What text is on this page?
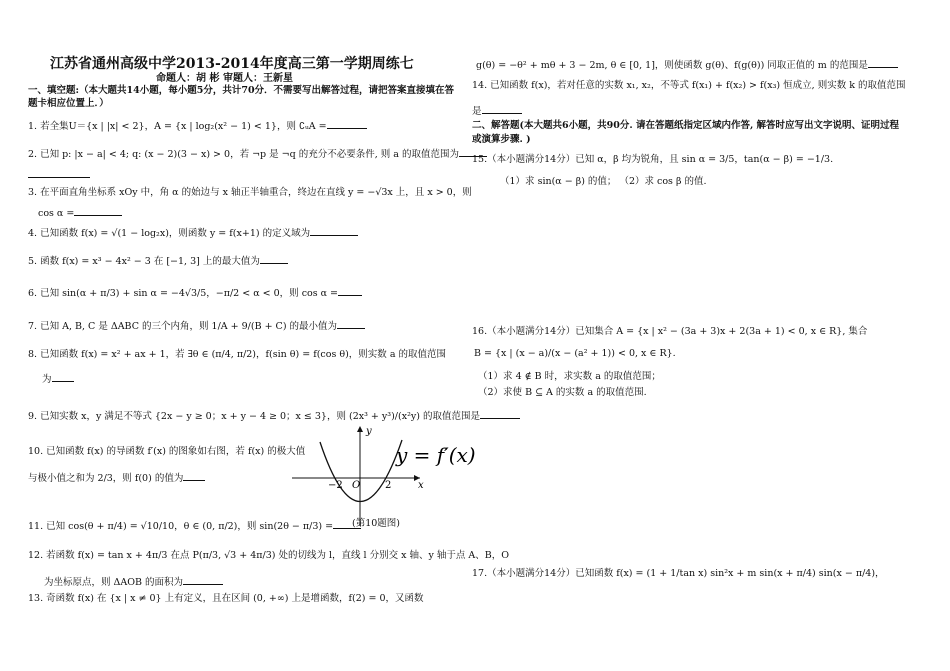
江苏省通州高级中学2013-2014年度高三第一学期周练七
命题人：胡 彬 审题人：王新星
一、填空题:（本大题共14小题，每小题5分，共计70分．不需要写出解答过程，请把答案直接填在答
题卡相应位置上．）
1. 若全集U＝{x | |x| < 2}，A = {x | log₂(x² − 1) < 1}，则 ∁ᵤA =
2. 已知 p: |x − a| < 4; q: (x − 2)(3 − x) > 0，若 ¬p 是 ¬q 的充分不必要条件, 则 a 的取值范围为
3. 在平面直角坐标系 xOy 中，角 α 的始边与 x 轴正半轴重合，终边在直线 y = −√3x 上，且 x > 0，则
cos α =
4. 已知函数 f(x) = √(1 − log₂x)，则函数 y = f(x+1) 的定义域为
5. 函数 f(x) = x³ − 4x² − 3 在 [−1, 3] 上的最大值为
6. 已知 sin(α + π/3) + sin α = −4√3/5，−π/2 < α < 0，则 cos α =
7. 已知 A, B, C 是 ΔABC 的三个内角，则 1/A + 9/(B + C) 的最小值为
8. 已知函数 f(x) = x² + ax + 1，若 ∃θ ∈ (π/4, π/2)，f(sin θ) = f(cos θ)，则实数 a 的取值范围
为
9. 已知实数 x，y 满足不等式 {2x − y ≥ 0；x + y − 4 ≥ 0；x ≤ 3}，则 (2x³ + y³)/(x²y) 的取值范围是
10. 已知函数 f(x) 的导函数 f′(x) 的图象如右图，若 f(x) 的极大值
与极小值之和为 2/3，则 f(0) 的值为
11. 已知 cos(θ + π/4) = √10/10，θ ∈ (0, π/2)，则 sin(2θ − π/3) =
12. 若函数 f(x) = tan x + 4π/3 在点 P(π/3, √3 + 4π/3) 处的切线为 l，直线 l 分别交 x 轴、y 轴于点 A、B，O
为坐标原点，则 ΔAOB 的面积为
13. 奇函数 f(x) 在 {x | x ≠ 0} 上有定义，且在区间 (0, +∞) 上是增函数，f(2) = 0，又函数
y
x
−2 O 2
y = f′(x)
(第10题图)
g(θ) = −θ² + mθ + 3 − 2m, θ ∈ [0, 1]，则使函数 g(θ)、f(g(θ)) 同取正值的 m 的范围是
14. 已知函数 f(x)，若对任意的实数 x₁, x₂，不等式 f(x₁) + f(x₂) > f(x₃) 恒成立, 则实数 k 的取值范围
是
二、解答题(本大题共6小题，共90分. 请在答题纸指定区域内作答, 解答时应写出文字说明、证明过程
或演算步骤. )
15.（本小题满分14分）已知 α，β 均为锐角，且 sin α = 3/5，tan(α − β) = −1/3.
（1）求 sin(α − β) 的值； （2）求 cos β 的值.
16.（本小题满分14分）已知集合 A = {x | x² − (3a + 3)x + 2(3a + 1) < 0, x ∈ R}, 集合
B = {x | (x − a)/(x − (a² + 1)) < 0, x ∈ R}.
（1）求 4 ∉ B 时，求实数 a 的取值范围；
（2）求使 B ⊆ A 的实数 a 的取值范围.
17.（本小题满分14分）已知函数 f(x) = (1 + 1/tan x) sin²x + m sin(x + π/4) sin(x − π/4)，
